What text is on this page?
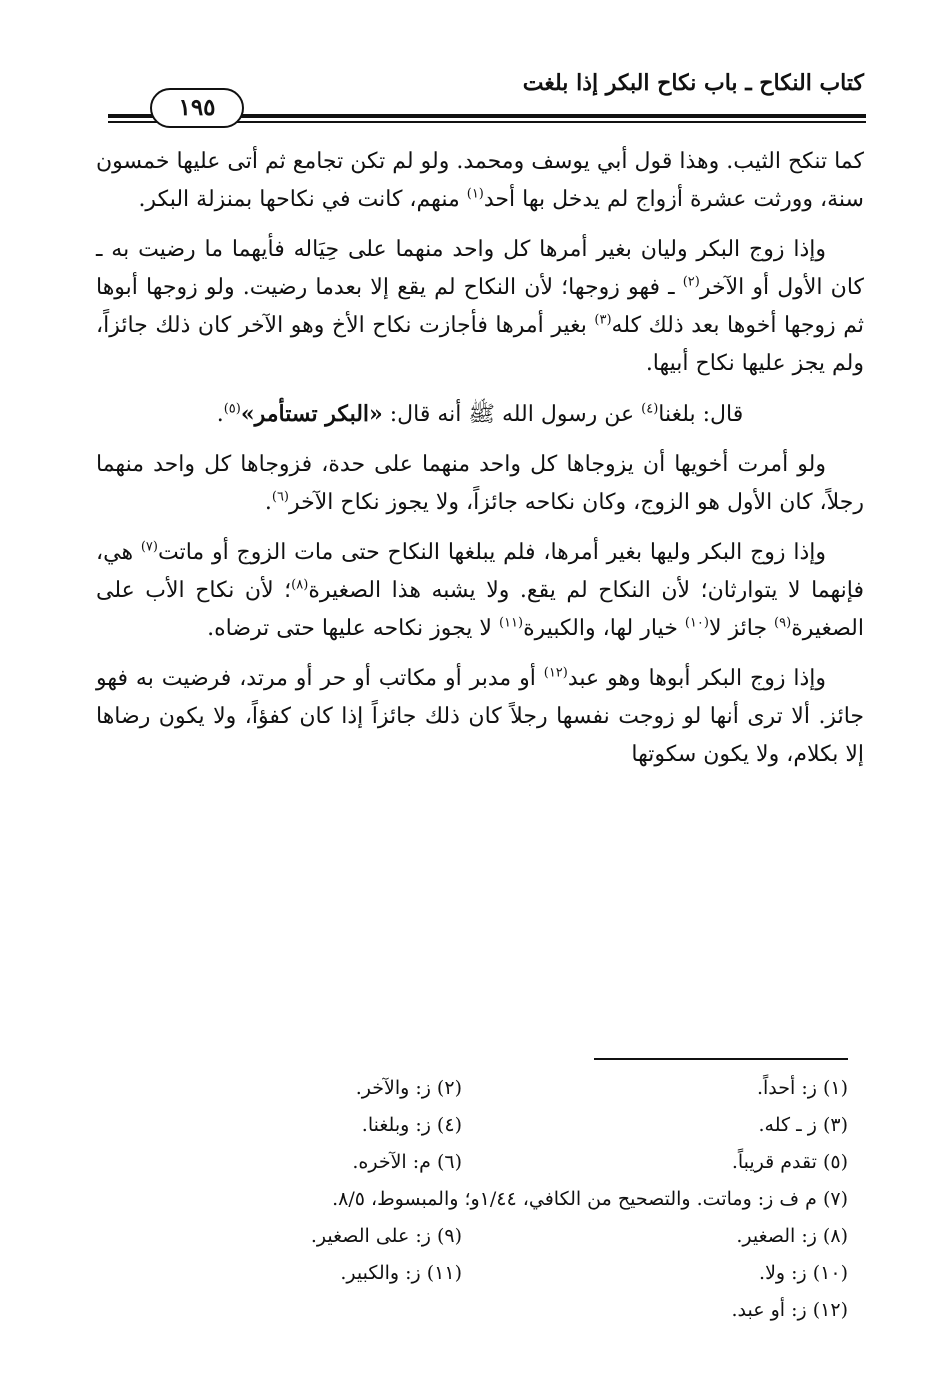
كتاب النكاح ـ باب نكاح البكر إذا بلغت
١٩٥

كما تنكح الثيب. وهذا قول أبي يوسف ومحمد. ولو لم تكن تجامع ثم أتى عليها خمسون سنة، وورثت عشرة أزواج لم يدخل بها أحد$^{(١)}$ منهم، كانت في نكاحها بمنزلة البكر.

وإذا زوج البكر وليان بغير أمرها كل واحد منهما على حِيَاله فأيهما ما رضيت به ـ كان الأول أو الآخر$^{(٢)}$ ـ فهو زوجها؛ لأن النكاح لم يقع إلا بعدما رضيت. ولو زوجها أبوها ثم زوجها أخوها بعد ذلك كله$^{(٣)}$ بغير أمرها فأجازت نكاح الأخ وهو الآخر كان ذلك جائزاً، ولم يجز عليها نكاح أبيها.

قال: بلغنا$^{(٤)}$ عن رسول الله ﷺ أنه قال: «البكر تستأمر»$^{(٥)}$.

ولو أمرت أخويها أن يزوجاها كل واحد منهما على حدة، فزوجاها كل واحد منهما رجلاً، كان الأول هو الزوج، وكان نكاحه جائزاً، ولا يجوز نكاح الآخر$^{(٦)}$.

وإذا زوج البكر وليها بغير أمرها، فلم يبلغها النكاح حتى مات الزوج أو ماتت$^{(٧)}$ هي، فإنهما لا يتوارثان؛ لأن النكاح لم يقع. ولا يشبه هذا الصغيرة$^{(٨)}$؛ لأن نكاح الأب على الصغيرة$^{(٩)}$ جائز لا$^{(١٠)}$ خيار لها، والكبيرة$^{(١١)}$ لا يجوز نكاحه عليها حتى ترضاه.

وإذا زوج البكر أبوها وهو عبد$^{(١٢)}$ أو مدبر أو مكاتب أو حر أو مرتد، فرضيت به فهو جائز. ألا ترى أنها لو زوجت نفسها رجلاً كان ذلك جائزاً إذا كان كفؤاً، ولا يكون رضاها إلا بكلام، ولا يكون سكوتها

(١) ز: أحداً.
(٢) ز: والآخر.
(٣) ز ـ كله.
(٤) ز: وبلغنا.
(٥) تقدم قريباً.
(٦) م: الآخره.
(٧) م ف ز: وماتت. والتصحيح من الكافي، ١/٤٤و؛ والمبسوط، ٨/٥.
(٨) ز: الصغير.
(٩) ز: على الصغير.
(١٠) ز: ولا.
(١١) ز: والكبير.
(١٢) ز: أو عبد.
